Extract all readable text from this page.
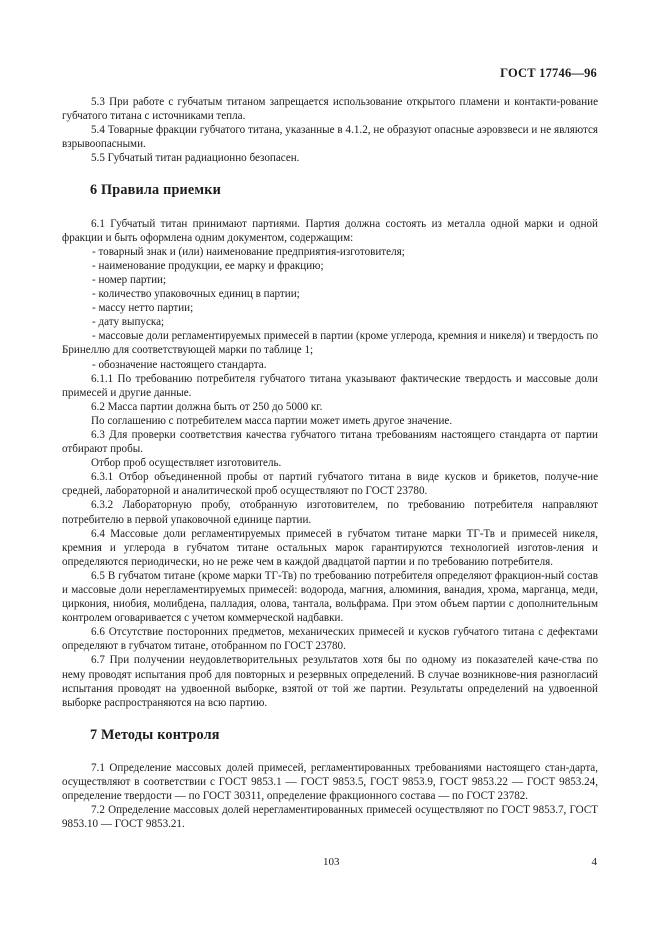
ГОСТ 17746—96

5.3 При работе с губчатым титаном запрещается использование открытого пламени и контакти-рование губчатого титана с источниками тепла.

5.4 Товарные фракции губчатого титана, указанные в 4.1.2, не образуют опасные аэровзвеси и не являются взрывоопасными.

5.5 Губчатый титан радиационно безопасен.

6 Правила приемки

6.1 Губчатый титан принимают партиями. Партия должна состоять из металла одной марки и одной фракции и быть оформлена одним документом, содержащим:

- товарный знак и (или) наименование предприятия-изготовителя;

- наименование продукции, ее марку и фракцию;

- номер партии;

- количество упаковочных единиц в партии;

- массу нетто партии;

- дату выпуска;

- массовые доли регламентируемых примесей в партии (кроме углерода, кремния и никеля) и твердость по Бринеллю для соответствующей марки по таблице 1;

- обозначение настоящего стандарта.

6.1.1 По требованию потребителя губчатого титана указывают фактические твердость и массовые доли примесей и другие данные.

6.2 Масса партии должна быть от 250 до 5000 кг.

По соглашению с потребителем масса партии может иметь другое значение.

6.3 Для проверки соответствия качества губчатого титана требованиям настоящего стандарта от партии отбирают пробы.

Отбор проб осуществляет изготовитель.

6.3.1 Отбор объединенной пробы от партий губчатого титана в виде кусков и брикетов, получе-ние средней, лабораторной и аналитической проб осуществляют по ГОСТ 23780.

6.3.2 Лабораторную пробу, отобранную изготовителем, по требованию потребителя направляют потребителю в первой упаковочной единице партии.

6.4 Массовые доли регламентируемых примесей в губчатом титане марки ТГ-Тв и примесей никеля, кремния и углерода в губчатом титане остальных марок гарантируются технологией изготов-ления и определяются периодически, но не реже чем в каждой двадцатой партии и по требованию потребителя.

6.5 В губчатом титане (кроме марки ТГ-Тв) по требованию потребителя определяют фракцион-ный состав и массовые доли нерегламентируемых примесей: водорода, магния, алюминия, ванадия, хрома, марганца, меди, циркония, ниобия, молибдена, палладия, олова, тантала, вольфрама. При этом объем партии с дополнительным контролем оговаривается с учетом коммерческой надбавки.

6.6 Отсутствие посторонних предметов, механических примесей и кусков губчатого титана с дефектами определяют в губчатом титане, отобранном по ГОСТ 23780.

6.7 При получении неудовлетворительных результатов хотя бы по одному из показателей каче-ства по нему проводят испытания проб для повторных и резервных определений. В случае возникнове-ния разногласий испытания проводят на удвоенной выборке, взятой от той же партии. Результаты определений на удвоенной выборке распространяются на всю партию.

7 Методы контроля

7.1 Определение массовых долей примесей, регламентированных требованиями настоящего стан-дарта, осуществляют в соответствии с ГОСТ 9853.1 — ГОСТ 9853.5, ГОСТ 9853.9, ГОСТ 9853.22 — ГОСТ 9853.24, определение твердости — по ГОСТ 30311, определение фракционного состава — по ГОСТ 23782.

7.2 Определение массовых долей нерегламентированных примесей осуществляют по ГОСТ 9853.7, ГОСТ 9853.10 — ГОСТ 9853.21.

103	4
